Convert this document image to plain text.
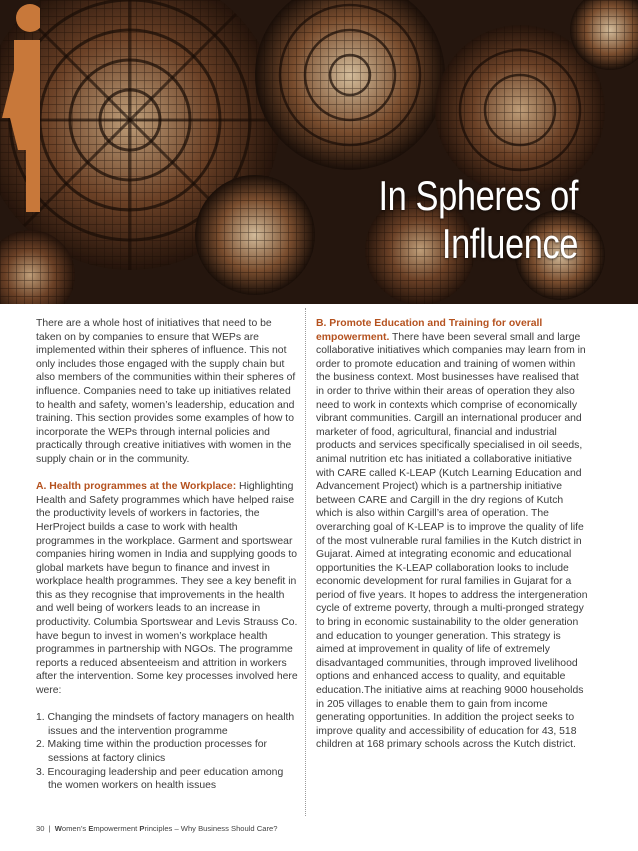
In Spheres of
Influence

There are a whole host of initiatives that need to be taken on by companies to ensure that WEPs are implemented within their spheres of influence. This not only includes those engaged with the supply chain but also members of the communities within their spheres of influence. Companies need to take up initiatives related to health and safety, women’s leadership, education and training. This section provides some examples of how to incorporate the WEPs through internal policies and practically through creative initiatives with women in the supply chain or in the community.

A. Health programmes at the Workplace: Highlighting Health and Safety programmes which have helped raise the productivity levels of workers in factories, the HerProject builds a case to work with health programmes in the workplace. Garment and sportswear companies hiring women in India and supplying goods to global markets have begun to finance and invest in workplace health programmes. They see a key benefit in this as they recognise that improvements in the health and well being of workers leads to an increase in productivity. Columbia Sportswear and Levis Strauss Co. have begun to invest in women’s workplace health programmes in partnership with NGOs. The programme reports a reduced absenteeism and attrition in workers after the intervention. Some key processes involved here were:

1. Changing the mindsets of factory managers on health issues and the intervention programme

2. Making time within the production processes for sessions at factory clinics

3. Encouraging leadership and peer education among the women workers on health issues

B. Promote Education and Training for overall empowerment. There have been several small and large collaborative initiatives which companies may learn from in order to promote education and training of women within the business context. Most businesses have realised that in order to thrive within their areas of operation they also need to work in contexts which comprise of economically vibrant communities. Cargill an international producer and marketer of food, agricultural, financial and industrial products and services specifically specialised in oil seeds, animal nutrition etc has initiated a collaborative initiative with CARE called K-LEAP (Kutch Learning Education and Advancement Project) which is a partnership initiative between CARE and Cargill in the dry regions of Kutch which is also within Cargill’s area of operation. The overarching goal of K-LEAP is to improve the quality of life of the most vulnerable rural families in the Kutch district in Gujarat. Aimed at integrating economic and educational opportunities the K-LEAP collaboration looks to include economic development for rural families in Gujarat for a period of five years. It hopes to address the intergeneration cycle of extreme poverty, through a multi-pronged strategy to bring in economic sustainability to the older generation and education to younger generation. This strategy is aimed at improvement in quality of life of extremely disadvantaged communities, through improved livelihood options and enhanced access to quality, and equitable education.The initiative aims at reaching 9000 households in 205 villages to enable them to gain from income generating opportunities. In addition the project seeks to improve quality and accessibility of education for 43, 518 children at 168 primary schools across the Kutch district.

30 | Women’s Empowerment Principles – Why Business Should Care?
